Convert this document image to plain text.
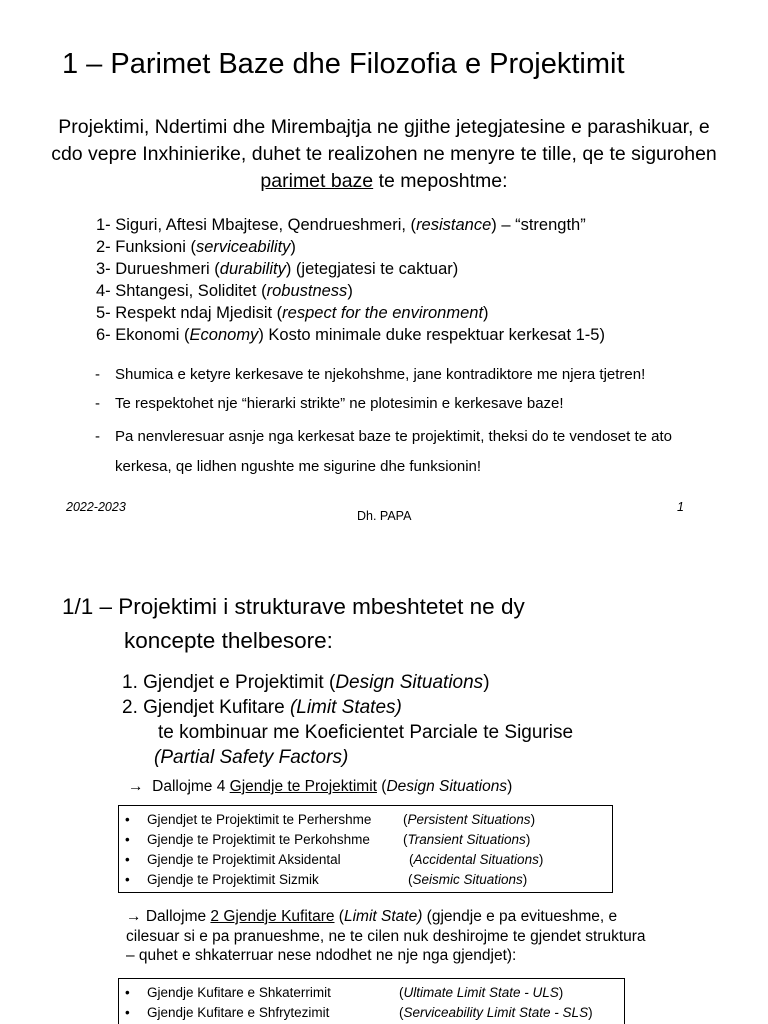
1 – Parimet Baze dhe Filozofia e Projektimit
Projektimi, Ndertimi dhe Mirembajtja ne gjithe jetegjatesine e parashikuar, e cdo vepre Inxhinierike, duhet te realizohen ne menyre te tille, qe te sigurohen parimet baze te meposhtme:
1- Siguri, Aftesi Mbajtese, Qendrueshmeri, (resistance) – “strength”
2- Funksioni (serviceability)
3- Durueshmeri (durability) (jetegjatesi te caktuar)
4- Shtangesi, Soliditet (robustness)
5- Respekt ndaj Mjedisit (respect for the environment)
6- Ekonomi (Economy) Kosto minimale duke respektuar kerkesat 1-5)
-	Shumica e ketyre kerkesave te njekohshme, jane kontradiktore me njera tjetren!
-	Te respektohet nje “hierarki strikte” ne plotesimin e kerkesave baze!
-	Pa nenvleresuar asnje nga kerkesat baze te projektimit, theksi do te vendoset te ato kerkesa, qe lidhen ngushte me sigurine dhe funksionin!
2022-2023
Dh. PAPA
1
1/1 – Projektimi i strukturave mbeshtetet ne dy
koncepte thelbesore:
1. Gjendjet e Projektimit (Design Situations)
2. Gjendjet Kufitare (Limit States)
te kombinuar me Koeficientet Parciale te Sigurise
(Partial Safety Factors)
→ Dallojme 4 Gjendje te Projektimit (Design Situations)
•	Gjendjet te Projektimit te Perhershme	( Persistent Situations )
•	Gjendje te Projektimit te Perkohshme	( Transient Situations )
•	Gjendje te Projektimit Aksidental	( Accidental Situations )
•	Gjendje te Projektimit Sizmik	( Seismic Situations )
→ Dallojme 2 Gjendje Kufitare (Limit State) (gjendje e pa evitueshme, e cilesuar si e pa pranueshme, ne te cilen nuk deshirojme te gjendet struktura – quhet e shkaterruar nese ndodhet ne nje nga gjendjet):
•	Gjendje Kufitare e Shkaterrimit	( Ultimate Limit State - ULS )
•	Gjendje Kufitare e Shfrytezimit	( Serviceability Limit State - SLS )
